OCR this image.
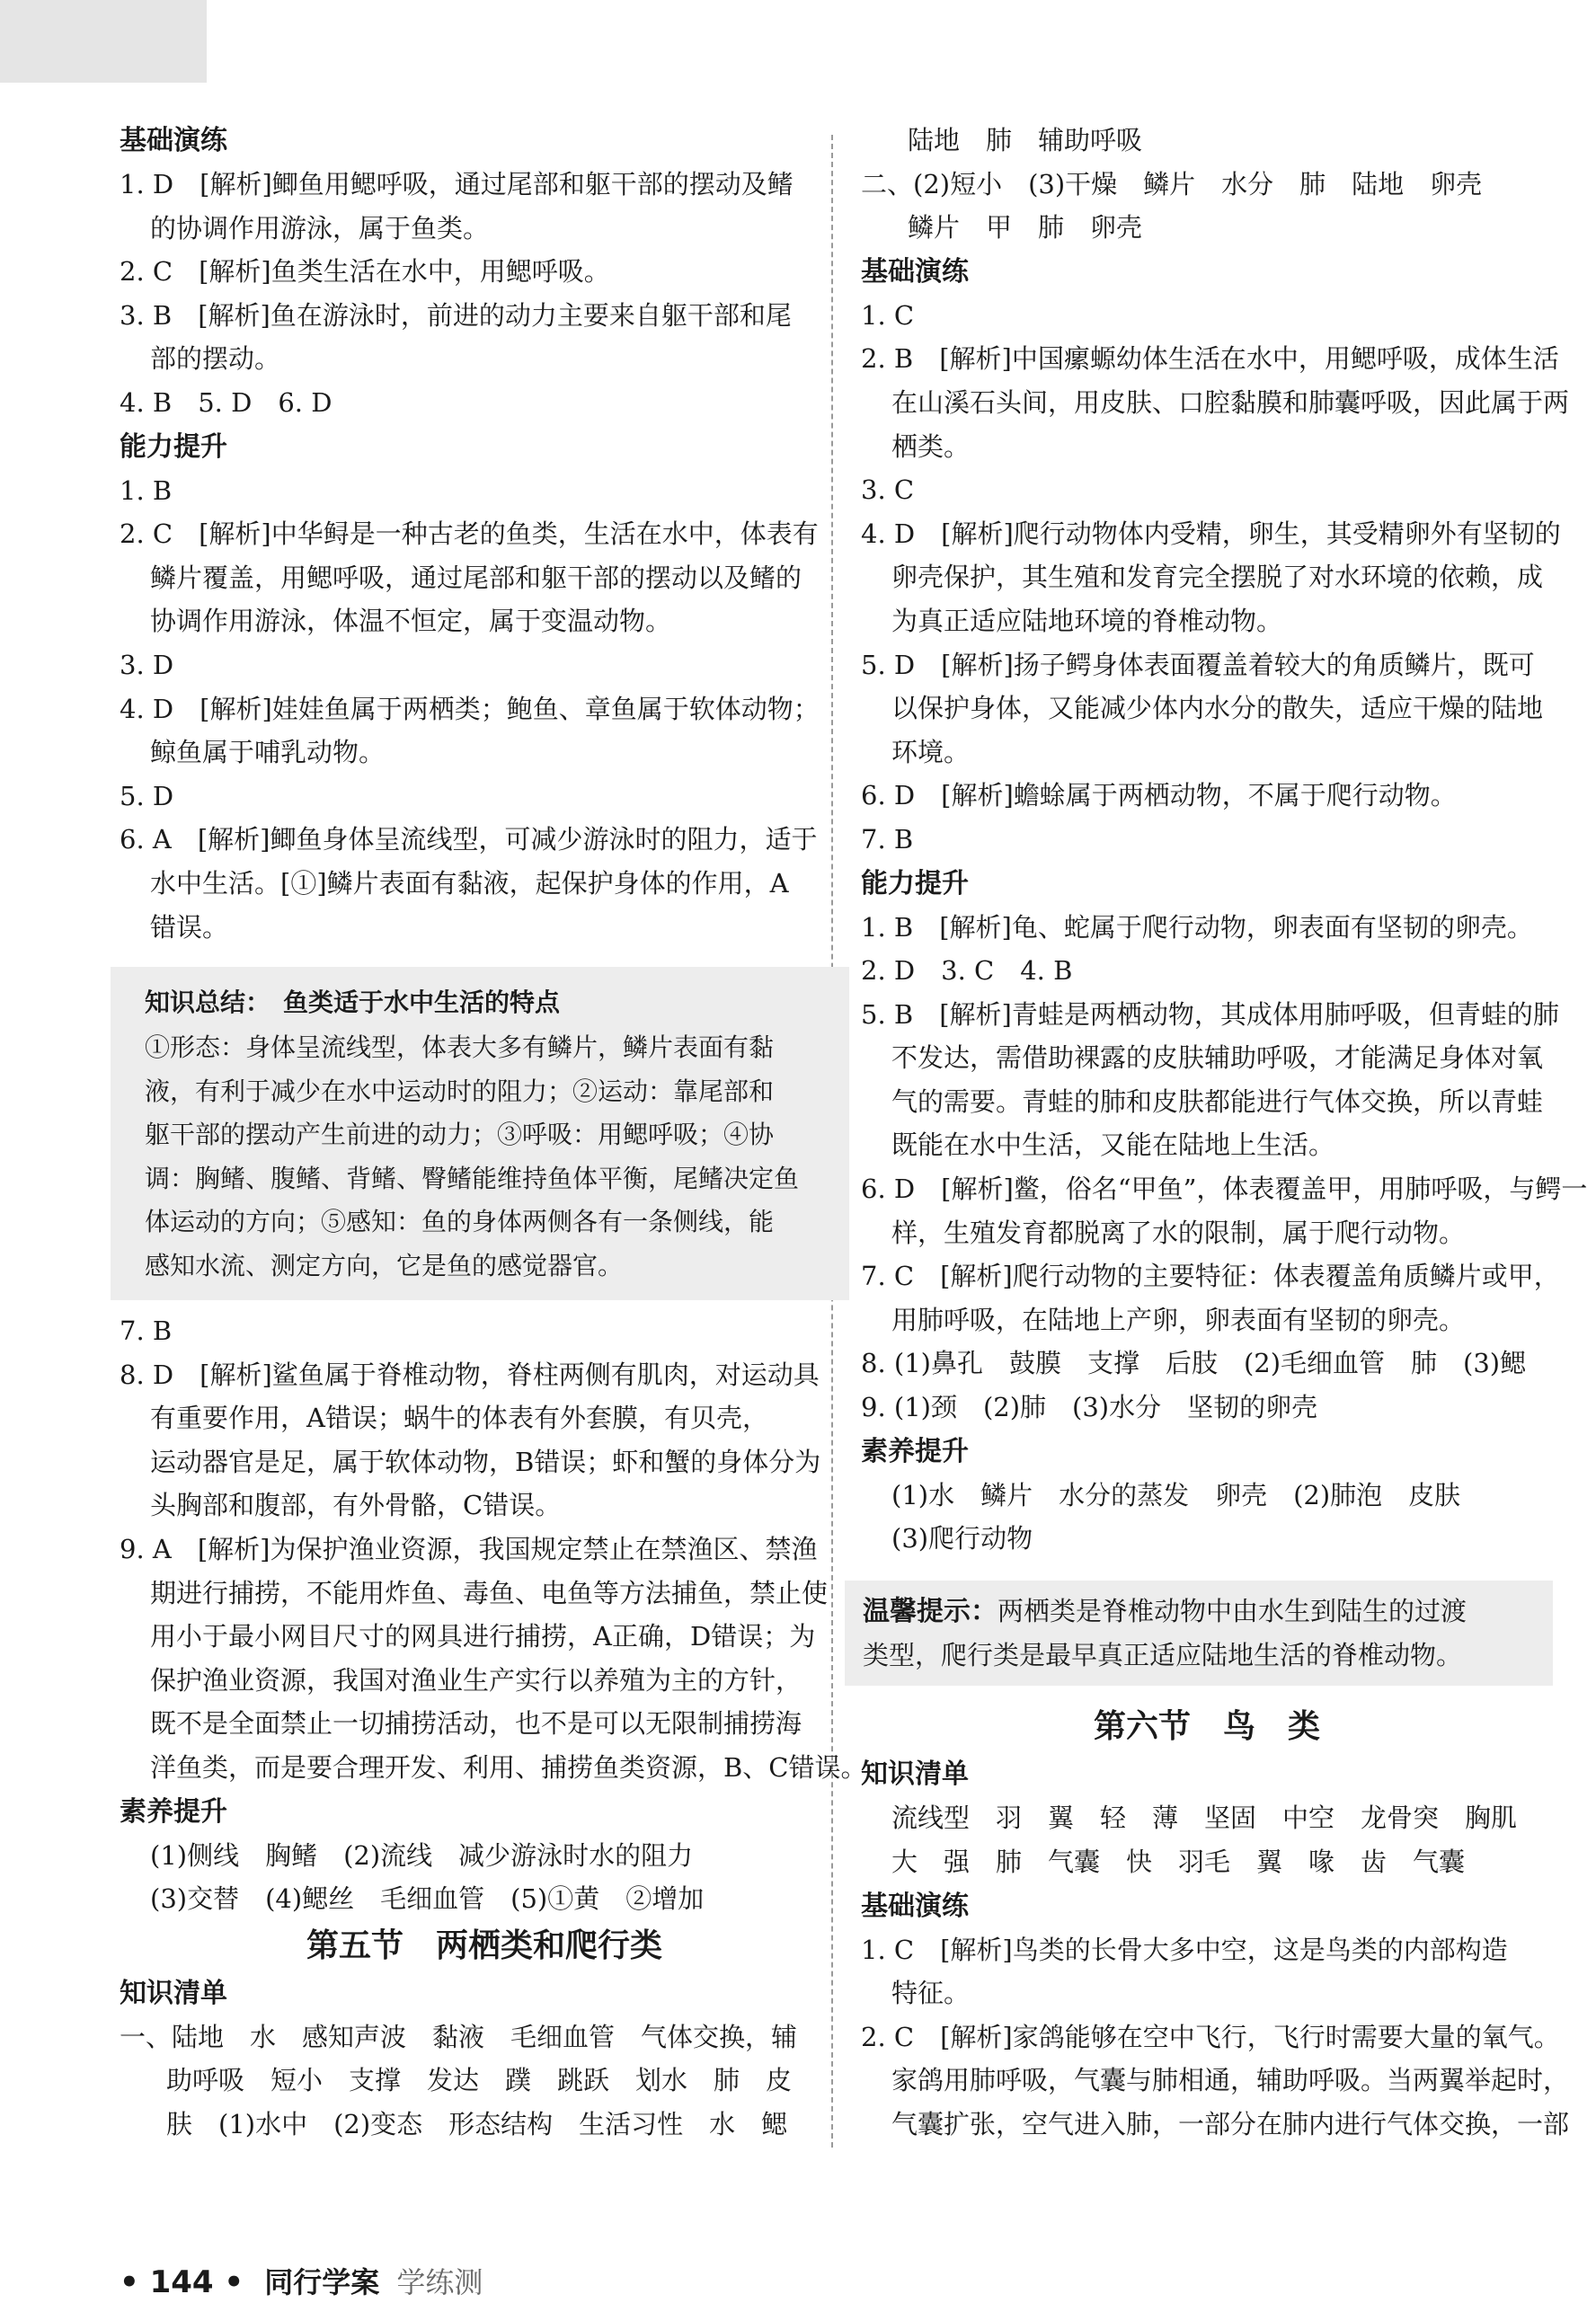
基础演练
1. D　[解析]鲫鱼用鳃呼吸，通过尾部和躯干部的摆动及鳍
的协调作用游泳，属于鱼类。
2. C　[解析]鱼类生活在水中，用鳃呼吸。
3. B　[解析]鱼在游泳时，前进的动力主要来自躯干部和尾
部的摆动。
4. B　5. D　6. D
能力提升
1. B
2. C　[解析]中华鲟是一种古老的鱼类，生活在水中，体表有
鳞片覆盖，用鳃呼吸，通过尾部和躯干部的摆动以及鳍的
协调作用游泳，体温不恒定，属于变温动物。
3. D
4. D　[解析]娃娃鱼属于两栖类；鲍鱼、章鱼属于软体动物；
鲸鱼属于哺乳动物。
5. D
6. A　[解析]鲫鱼身体呈流线型，可减少游泳时的阻力，适于
水中生活。[①]鳞片表面有黏液，起保护身体的作用，A
错误。
知识总结：　鱼类适于水中生活的特点
①形态：身体呈流线型，体表大多有鳞片，鳞片表面有黏
液，有利于减少在水中运动时的阻力；②运动：靠尾部和
躯干部的摆动产生前进的动力；③呼吸：用鳃呼吸；④协
调：胸鳍、腹鳍、背鳍、臀鳍能维持鱼体平衡，尾鳍决定鱼
体运动的方向；⑤感知：鱼的身体两侧各有一条侧线，能
感知水流、测定方向，它是鱼的感觉器官。
7. B
8. D　[解析]鲨鱼属于脊椎动物，脊柱两侧有肌肉，对运动具
有重要作用，A错误；蜗牛的体表有外套膜，有贝壳，
运动器官是足，属于软体动物，B错误；虾和蟹的身体分为
头胸部和腹部，有外骨骼，C错误。
9. A　[解析]为保护渔业资源，我国规定禁止在禁渔区、禁渔
期进行捕捞，不能用炸鱼、毒鱼、电鱼等方法捕鱼，禁止使
用小于最小网目尺寸的网具进行捕捞，A正确，D错误；为
保护渔业资源，我国对渔业生产实行以养殖为主的方针，
既不是全面禁止一切捕捞活动，也不是可以无限制捕捞海
洋鱼类，而是要合理开发、利用、捕捞鱼类资源，B、C错误。
素养提升
(1)侧线　胸鳍　(2)流线　减少游泳时水的阻力
(3)交替　(4)鳃丝　毛细血管　(5)①黄　②增加
第五节　两栖类和爬行类
知识清单
一、陆地　水　感知声波　黏液　毛细血管　气体交换，辅
助呼吸　短小　支撑　发达　蹼　跳跃　划水　肺　皮
肤　(1)水中　(2)变态　形态结构　生活习性　水　鳃
陆地　肺　辅助呼吸
二、(2)短小　(3)干燥　鳞片　水分　肺　陆地　卵壳
鳞片　甲　肺　卵壳
基础演练
1. C
2. B　[解析]中国瘰螈幼体生活在水中，用鳃呼吸，成体生活
在山溪石头间，用皮肤、口腔黏膜和肺囊呼吸，因此属于两
栖类。
3. C
4. D　[解析]爬行动物体内受精，卵生，其受精卵外有坚韧的
卵壳保护，其生殖和发育完全摆脱了对水环境的依赖，成
为真正适应陆地环境的脊椎动物。
5. D　[解析]扬子鳄身体表面覆盖着较大的角质鳞片，既可
以保护身体，又能减少体内水分的散失，适应干燥的陆地
环境。
6. D　[解析]蟾蜍属于两栖动物，不属于爬行动物。
7. B
能力提升
1. B　[解析]龟、蛇属于爬行动物，卵表面有坚韧的卵壳。
2. D　3. C　4. B
5. B　[解析]青蛙是两栖动物，其成体用肺呼吸，但青蛙的肺
不发达，需借助裸露的皮肤辅助呼吸，才能满足身体对氧
气的需要。青蛙的肺和皮肤都能进行气体交换，所以青蛙
既能在水中生活，又能在陆地上生活。
6. D　[解析]鳖，俗名“甲鱼”，体表覆盖甲，用肺呼吸，与鳄一
样，生殖发育都脱离了水的限制，属于爬行动物。
7. C　[解析]爬行动物的主要特征：体表覆盖角质鳞片或甲，
用肺呼吸，在陆地上产卵，卵表面有坚韧的卵壳。
8. (1)鼻孔　鼓膜　支撑　后肢　(2)毛细血管　肺　(3)鳃
9. (1)颈　(2)肺　(3)水分　坚韧的卵壳
素养提升
(1)水　鳞片　水分的蒸发　卵壳　(2)肺泡　皮肤
(3)爬行动物
温馨提示：两栖类是脊椎动物中由水生到陆生的过渡
类型，爬行类是最早真正适应陆地生活的脊椎动物。
第六节　鸟　类
知识清单
流线型　羽　翼　轻　薄　坚固　中空　龙骨突　胸肌
大　强　肺　气囊　快　羽毛　翼　喙　齿　气囊
基础演练
1. C　[解析]鸟类的长骨大多中空，这是鸟类的内部构造
特征。
2. C　[解析]家鸽能够在空中飞行，飞行时需要大量的氧气。
家鸽用肺呼吸，气囊与肺相通，辅助呼吸。当两翼举起时，
气囊扩张，空气进入肺，一部分在肺内进行气体交换，一部
• 144 • 同行学案 学练测
